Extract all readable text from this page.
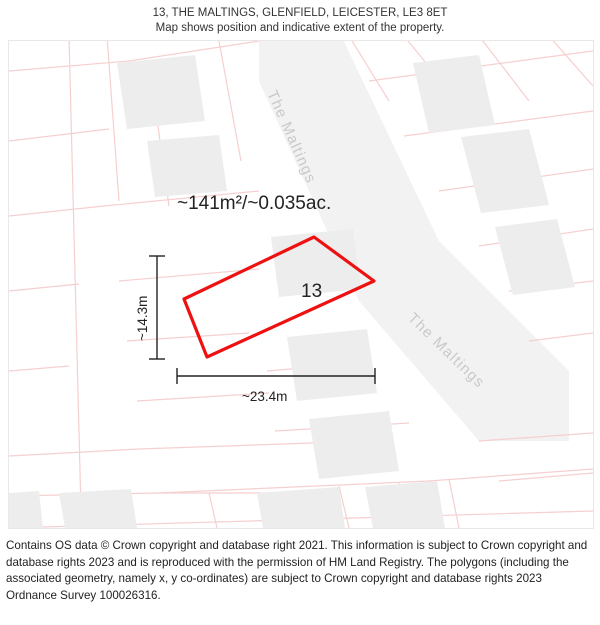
13, THE MALTINGS, GLENFIELD, LEICESTER, LE3 8ET
Map shows position and indicative extent of the property.
The Maltings
The Maltings
~141m²/~0.035ac.
13
~14.3m
~23.4m
Contains OS data © Crown copyright and database right 2021. This information is subject to Crown copyright and database rights 2023 and is reproduced with the permission of HM Land Registry. The polygons (including the associated geometry, namely x, y co-ordinates) are subject to Crown copyright and database rights 2023 Ordnance Survey 100026316.
